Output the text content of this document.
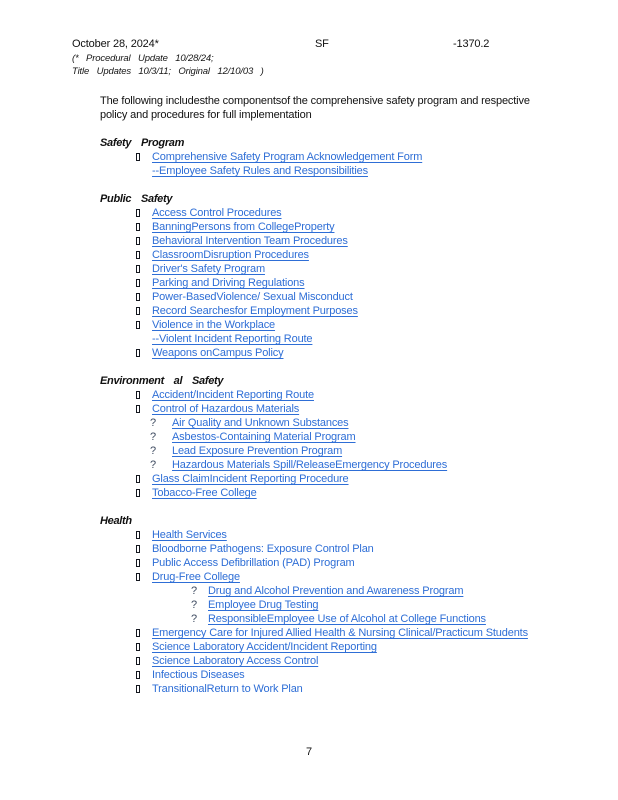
October 28, 2024*	SF	-1370.2
(* Procedural Update 10/28/24;
Title Updates 10/3/11; Original 12/10/03 )

The following includesthe componentsof the comprehensive safety program and respective policy and procedures for full implementation

Safety Program
Comprehensive Safety Program Acknowledgement Form
--Employee Safety Rules and Responsibilities
Public Safety
Access Control Procedures
BanningPersons from CollegeProperty
Behavioral Intervention Team Procedures
ClassroomDisruption Procedures
Driver's Safety Program
Parking and Driving Regulations
Power-BasedViolence/ Sexual Misconduct
Record Searchesfor Employment Purposes
Violence in the Workplace
--Violent Incident Reporting Route
Weapons onCampus Policy
Environment al Safety
Accident/Incident Reporting Route
Control of Hazardous Materials
? Air Quality and Unknown Substances
? Asbestos-Containing Material Program
? Lead Exposure Prevention Program
? Hazardous Materials Spill/ReleaseEmergency Procedures
Glass ClaimIncident Reporting Procedure
Tobacco-Free College
Health
Health Services
Bloodborne Pathogens: Exposure Control Plan
Public Access Defibrillation (PAD) Program
Drug-Free College
? Drug and Alcohol Prevention and Awareness Program
? Employee Drug Testing
? ResponsibleEmployee Use of Alcohol at College Functions
Emergency Care for Injured Allied Health & Nursing Clinical/Practicum Students
Science Laboratory Accident/Incident Reporting
Science Laboratory Access Control
Infectious Diseases
TransitionalReturn to Work Plan
7
